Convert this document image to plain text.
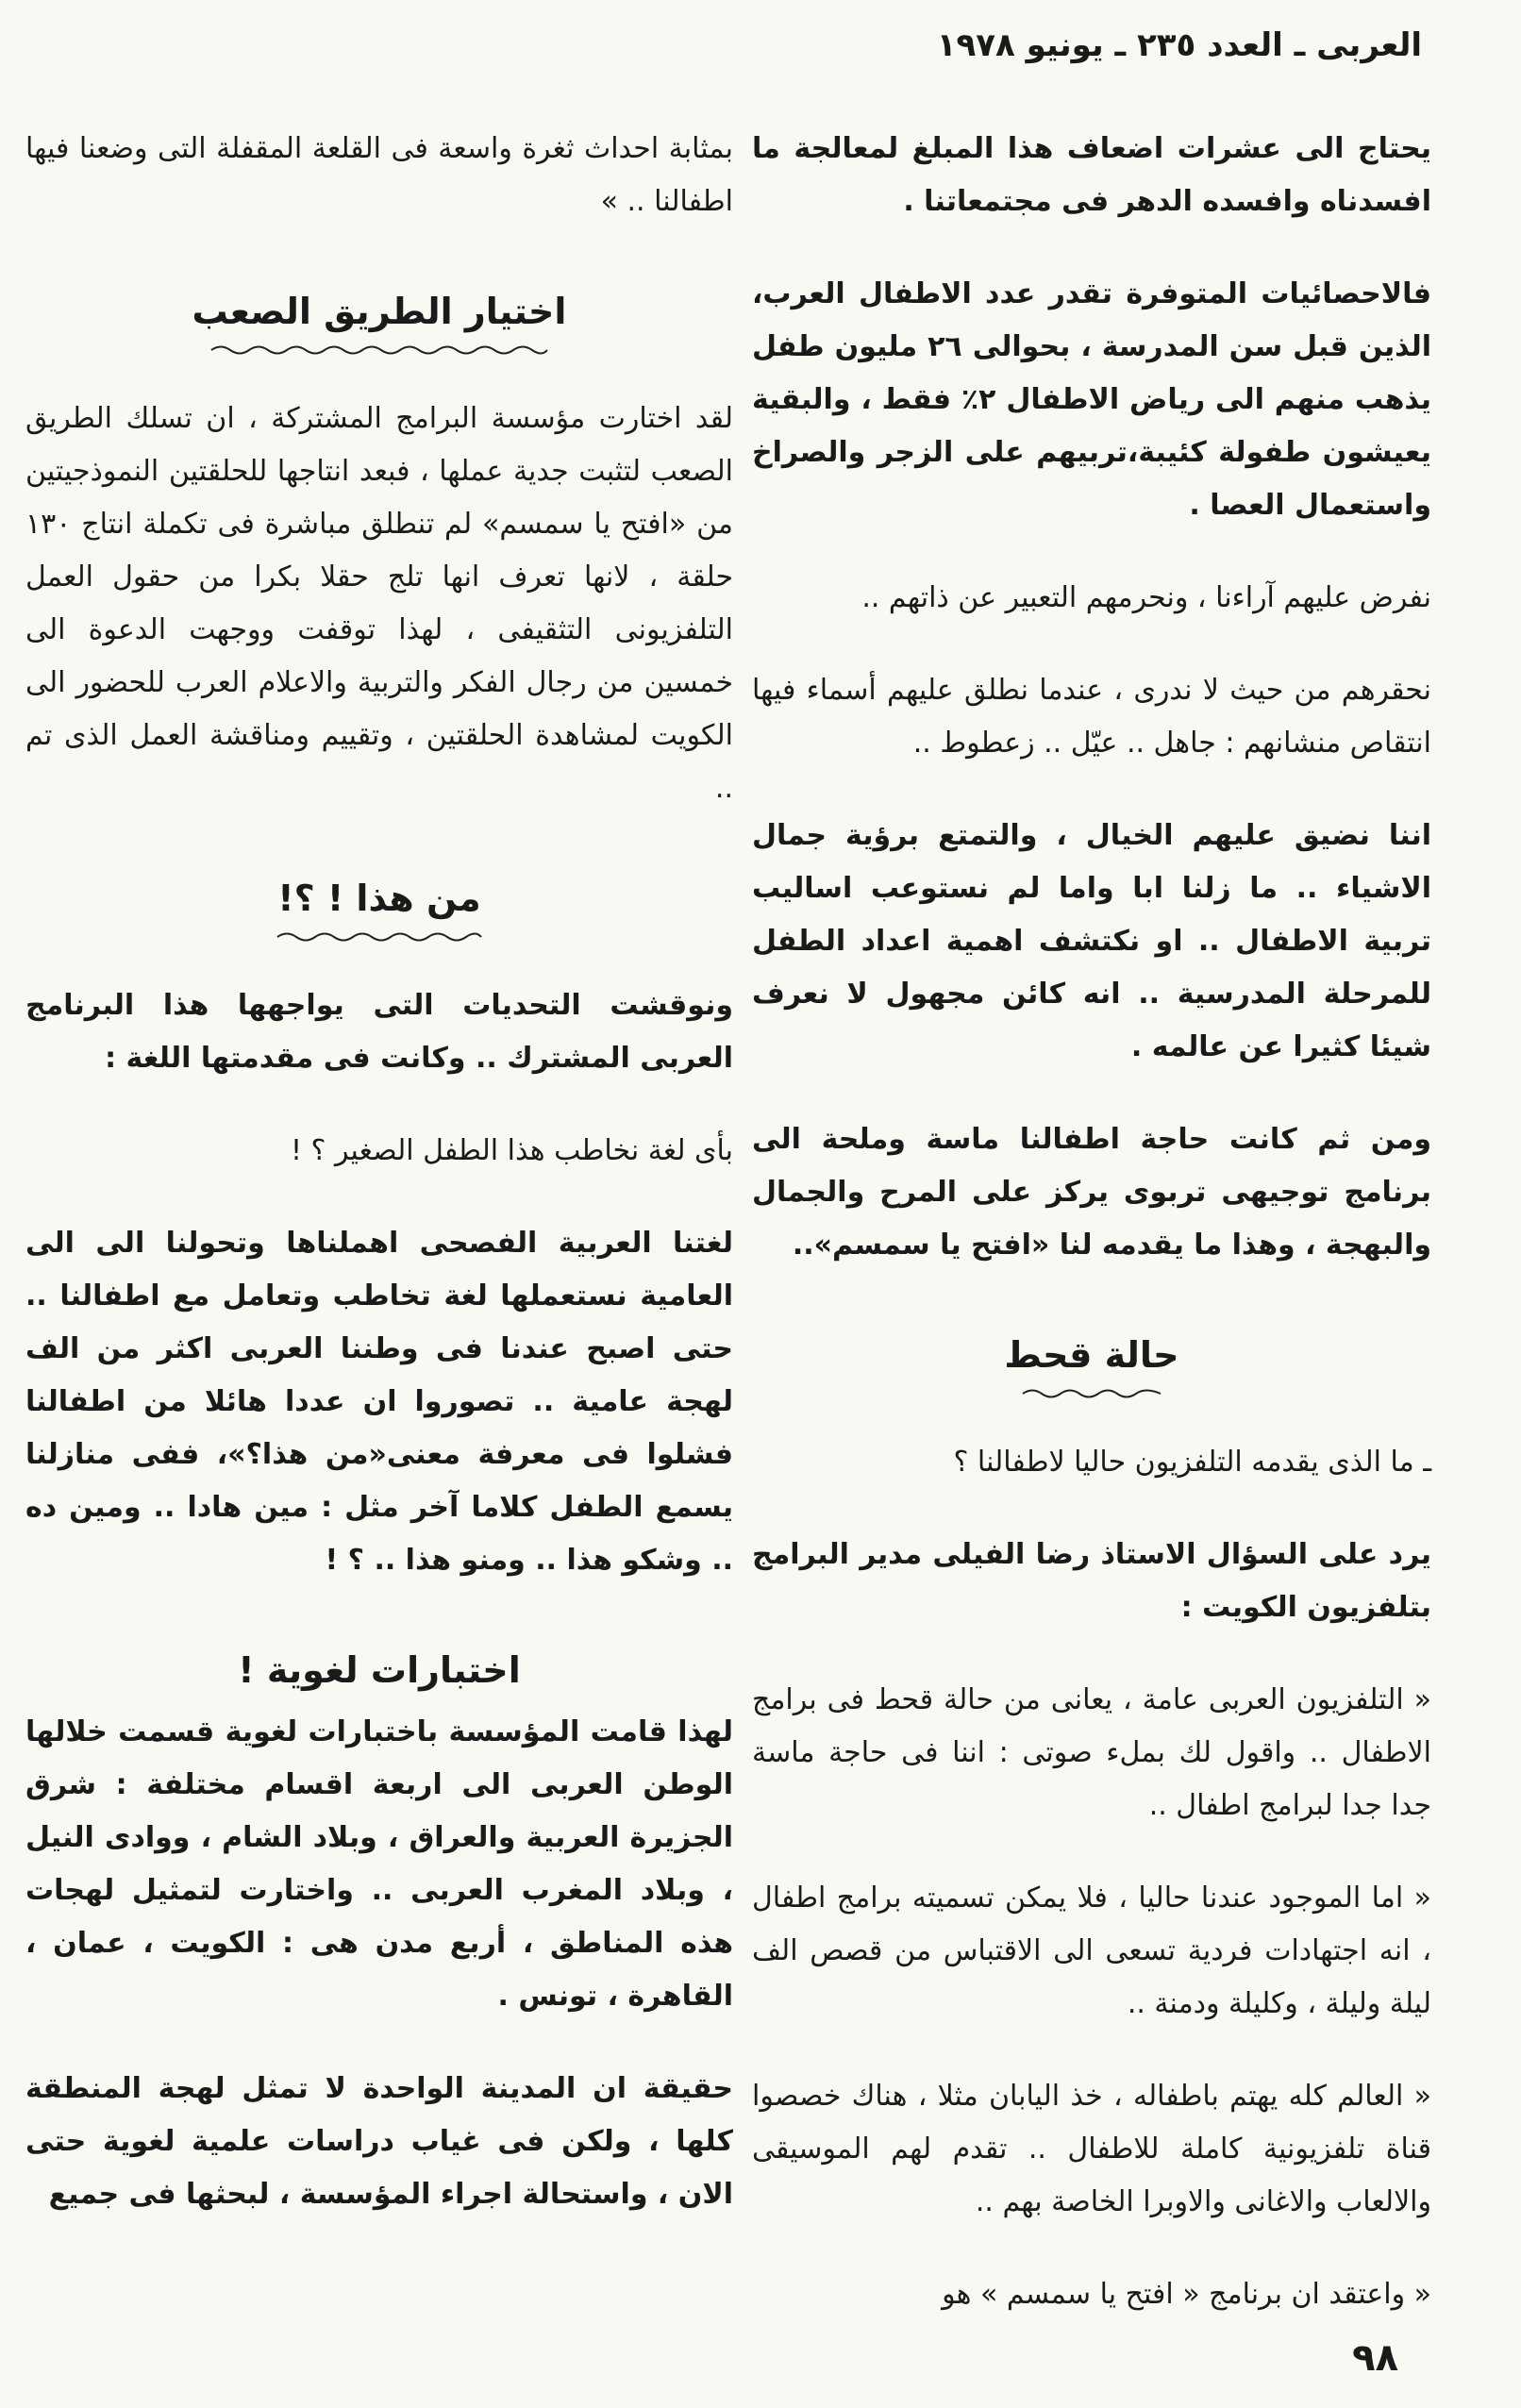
العربى ـ العدد ٢٣٥ ـ يونيو ١٩٧٨

يحتاج الى عشرات اضعاف هذا المبلغ لمعالجة ما افسدناه وافسده الدهر فى مجتمعاتنا .

فالاحصائيات المتوفرة تقدر عدد الاطفال العرب، الذين قبل سن المدرسة ، بحوالى ٢٦ مليون طفل يذهب منهم الى رياض الاطفال ٢٪ فقط ، والبقية يعيشون طفولة كئيبة،تربيهم على الزجر والصراخ واستعمال العصا .

نفرض عليهم آراءنا ، ونحرمهم التعبير عن ذاتهم ..

نحقرهم من حيث لا ندرى ، عندما نطلق عليهم أسماء فيها انتقاص منشانهم : جاهل .. عيّل .. زعطوط ..

اننا نضيق عليهم الخيال ، والتمتع برؤية جمال الاشياء .. ما زلنا ابا واما لم نستوعب اساليب تربية الاطفال .. او نكتشف اهمية اعداد الطفل للمرحلة المدرسية .. انه كائن مجهول لا نعرف شيئا كثيرا عن عالمه .

ومن ثم كانت حاجة اطفالنا ماسة وملحة الى برنامج توجيهى تربوى يركز على المرح والجمال والبهجة ، وهذا ما يقدمه لنا «افتح يا سمسم»..

حالة قحط

ـ ما الذى يقدمه التلفزيون حاليا لاطفالنا ؟

يرد على السؤال الاستاذ رضا الفيلى مدير البرامج بتلفزيون الكويت :

« التلفزيون العربى عامة ، يعانى من حالة قحط فى برامج الاطفال .. واقول لك بملء صوتى : اننا فى حاجة ماسة جدا جدا لبرامج اطفال ..

« اما الموجود عندنا حاليا ، فلا يمكن تسميته برامج اطفال ، انه اجتهادات فردية تسعى الى الاقتباس من قصص الف ليلة وليلة ، وكليلة ودمنة ..

« العالم كله يهتم باطفاله ، خذ اليابان مثلا ، هناك خصصوا قناة تلفزيونية كاملة للاطفال .. تقدم لهم الموسيقى والالعاب والاغانى والاوبرا الخاصة بهم ..

« واعتقد ان برنامج « افتح يا سمسم » هو

بمثابة احداث ثغرة واسعة فى القلعة المقفلة التى وضعنا فيها اطفالنا .. »

اختيار الطريق الصعب

لقد اختارت مؤسسة البرامج المشتركة ، ان تسلك الطريق الصعب لتثبت جدية عملها ، فبعد انتاجها للحلقتين النموذجيتين من «افتح يا سمسم» لم تنطلق مباشرة فى تكملة انتاج ١٣٠ حلقة ، لانها تعرف انها تلج حقلا بكرا من حقول العمل التلفزيونى التثقيفى ، لهذا توقفت ووجهت الدعوة الى خمسين من رجال الفكر والتربية والاعلام العرب للحضور الى الكويت لمشاهدة الحلقتين ، وتقييم ومناقشة العمل الذى تم ..

من هذا ! ؟!

ونوقشت التحديات التى يواجهها هذا البرنامج العربى المشترك .. وكانت فى مقدمتها اللغة :

بأى لغة نخاطب هذا الطفل الصغير ؟ !

لغتنا العربية الفصحى اهملناها وتحولنا الى الى العامية نستعملها لغة تخاطب وتعامل مع اطفالنا .. حتى اصبح عندنا فى وطننا العربى اكثر من الف لهجة عامية .. تصوروا ان عددا هائلا من اطفالنا فشلوا فى معرفة معنى«من هذا؟»، ففى منازلنا يسمع الطفل كلاما آخر مثل : مين هادا .. ومين ده .. وشكو هذا .. ومنو هذا .. ؟ !

اختبارات لغوية !

لهذا قامت المؤسسة باختبارات لغوية قسمت خلالها الوطن العربى الى اربعة اقسام مختلفة : شرق الجزيرة العربية والعراق ، وبلاد الشام ، ووادى النيل ، وبلاد المغرب العربى .. واختارت لتمثيل لهجات هذه المناطق ، أربع مدن هى : الكويت ، عمان ، القاهرة ، تونس .

حقيقة ان المدينة الواحدة لا تمثل لهجة المنطقة كلها ، ولكن فى غياب دراسات علمية لغوية حتى الان ، واستحالة اجراء المؤسسة ، لبحثها فى جميع

٩٨
